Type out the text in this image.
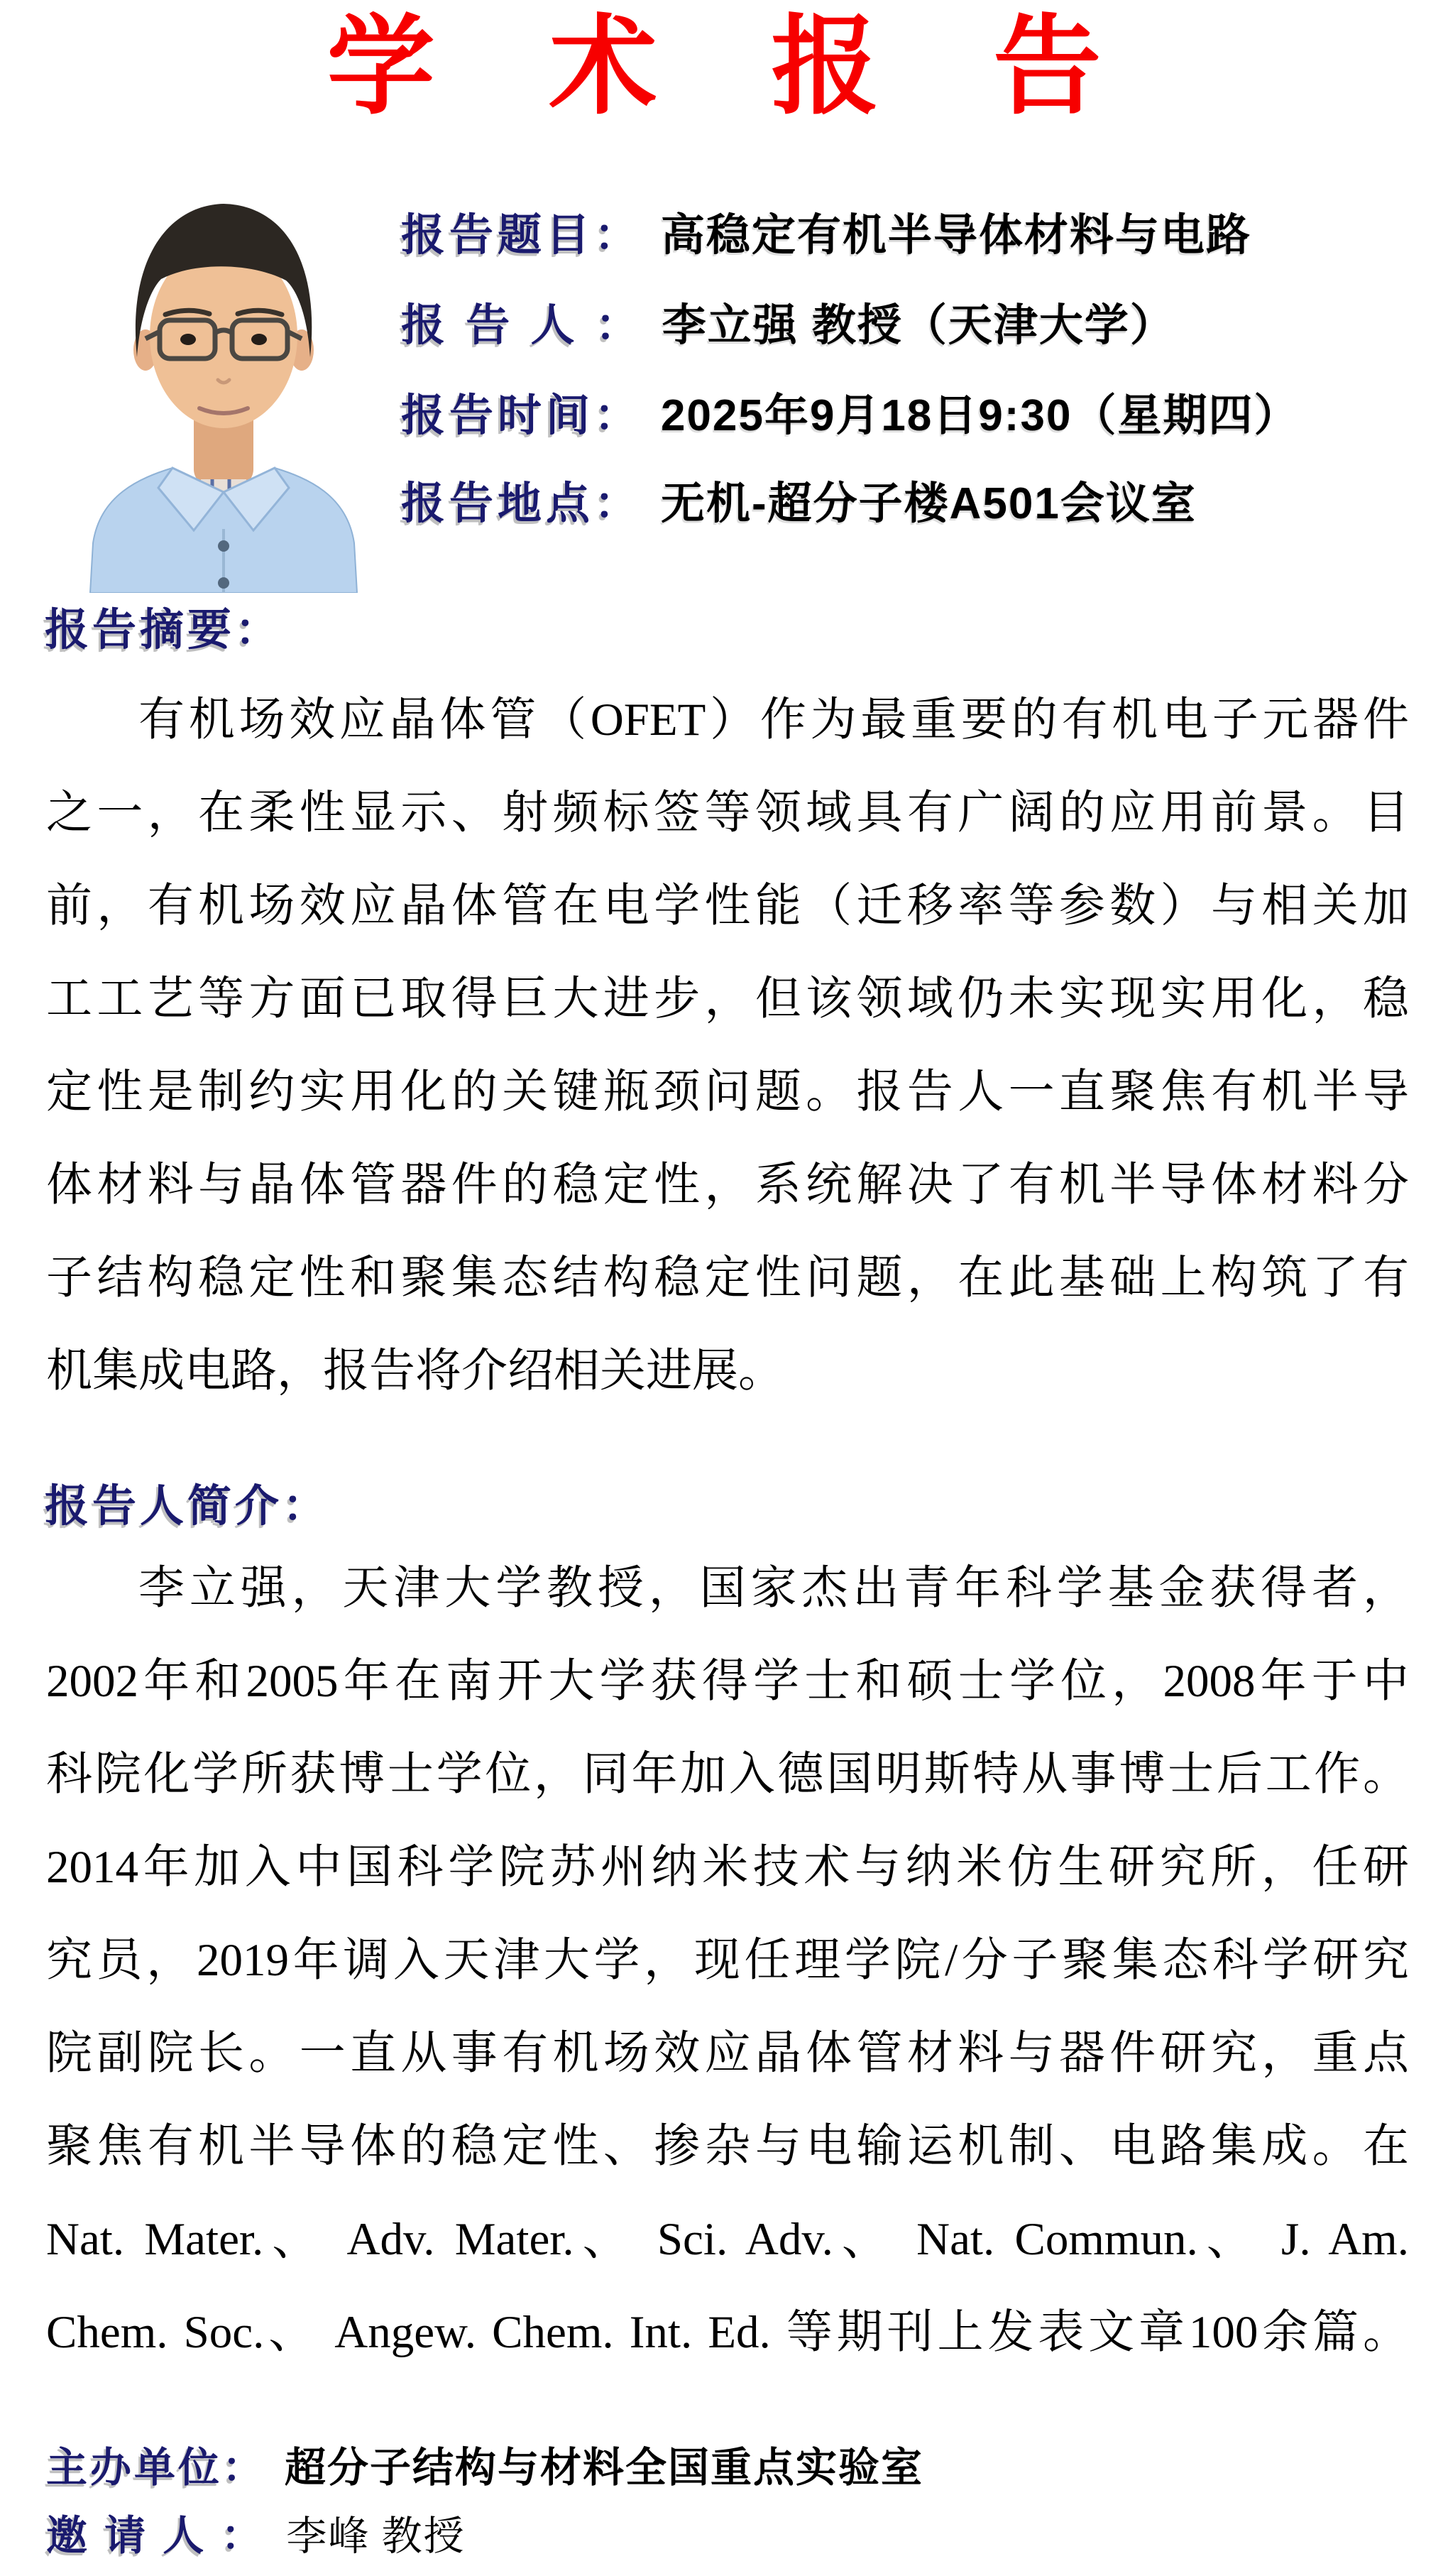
学 术 报 告
报告题目： 高稳定有机半导体材料与电路
报 告 人 ： 李立强 教授（天津大学）
报告时间： 2025年9月18日9:30（星期四）
报告地点： 无机-超分子楼A501会议室
报告摘要：
有机场效应晶体管（OFET）作为最重要的有机电子元器件
之一，在柔性显示、射频标签等领域具有广阔的应用前景。目
前，有机场效应晶体管在电学性能（迁移率等参数）与相关加
工工艺等方面已取得巨大进步，但该领域仍未实现实用化，稳
定性是制约实用化的关键瓶颈问题。报告人一直聚焦有机半导
体材料与晶体管器件的稳定性，系统解决了有机半导体材料分
子结构稳定性和聚集态结构稳定性问题，在此基础上构筑了有
机集成电路，报告将介绍相关进展。
报告人简介：
李立强，天津大学教授，国家杰出青年科学基金获得者，
2002年和2005年在南开大学获得学士和硕士学位，2008年于中
科院化学所获博士学位，同年加入德国明斯特从事博士后工作。
2014年加入中国科学院苏州纳米技术与纳米仿生研究所，任研
究员，2019年调入天津大学，现任理学院/分子聚集态科学研究
院副院长。一直从事有机场效应晶体管材料与器件研究，重点
聚焦有机半导体的稳定性、掺杂与电输运机制、电路集成。在
Nat. Mater.、 Adv. Mater.、 Sci. Adv.、 Nat. Commun.、 J. Am.
Chem. Soc.、 Angew. Chem. Int. Ed. 等期刊上发表文章100余篇。
主办单位： 超分子结构与材料全国重点实验室
邀 请 人 ： 李峰 教授
